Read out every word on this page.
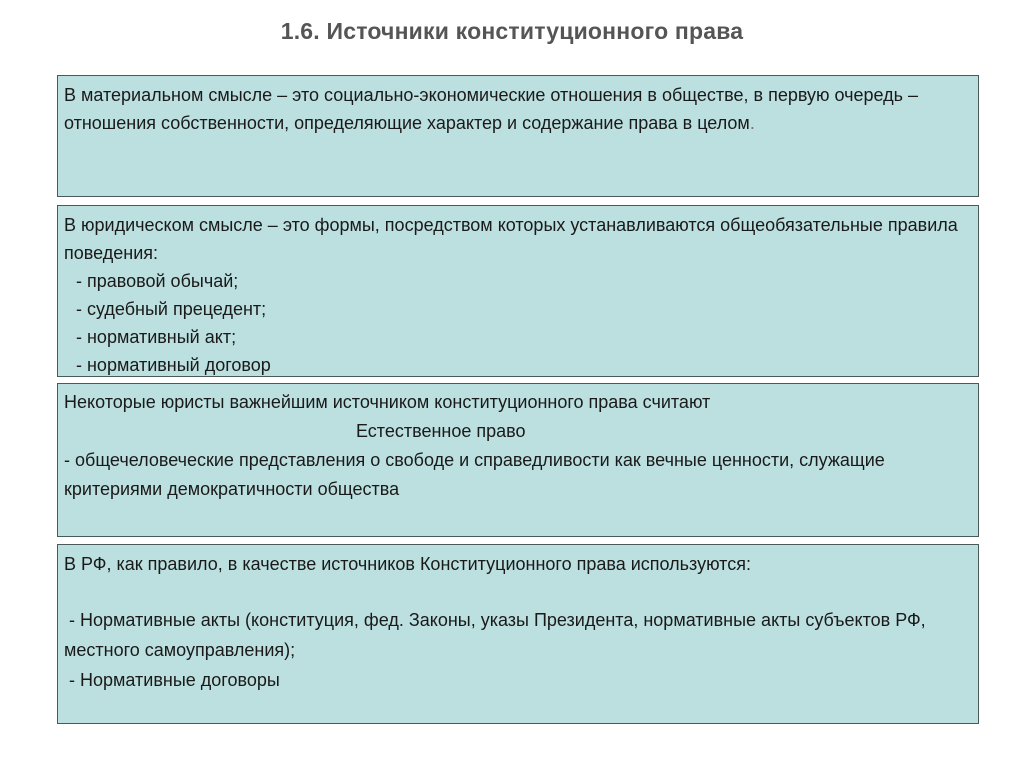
1.6. Источники конституционного права

В материальном смысле – это социально-экономические отношения в обществе, в первую очередь – отношения собственности, определяющие характер и содержание права в целом.

В юридическом смысле – это формы, посредством которых устанавливаются общеобязательные правила поведения:

- правовой обычай;

- судебный прецедент;

- нормативный акт;

- нормативный договор

Некоторые юристы важнейшим источником конституционного права считают

Естественное право

- общечеловеческие представления о свободе и справедливости как вечные ценности, служащие критериями демократичности общества

В РФ, как правило, в качестве источников Конституционного права используются:

- Нормативные акты (конституция, фед. Законы, указы Президента, нормативные акты субъектов РФ, местного самоуправления);

- Нормативные договоры
